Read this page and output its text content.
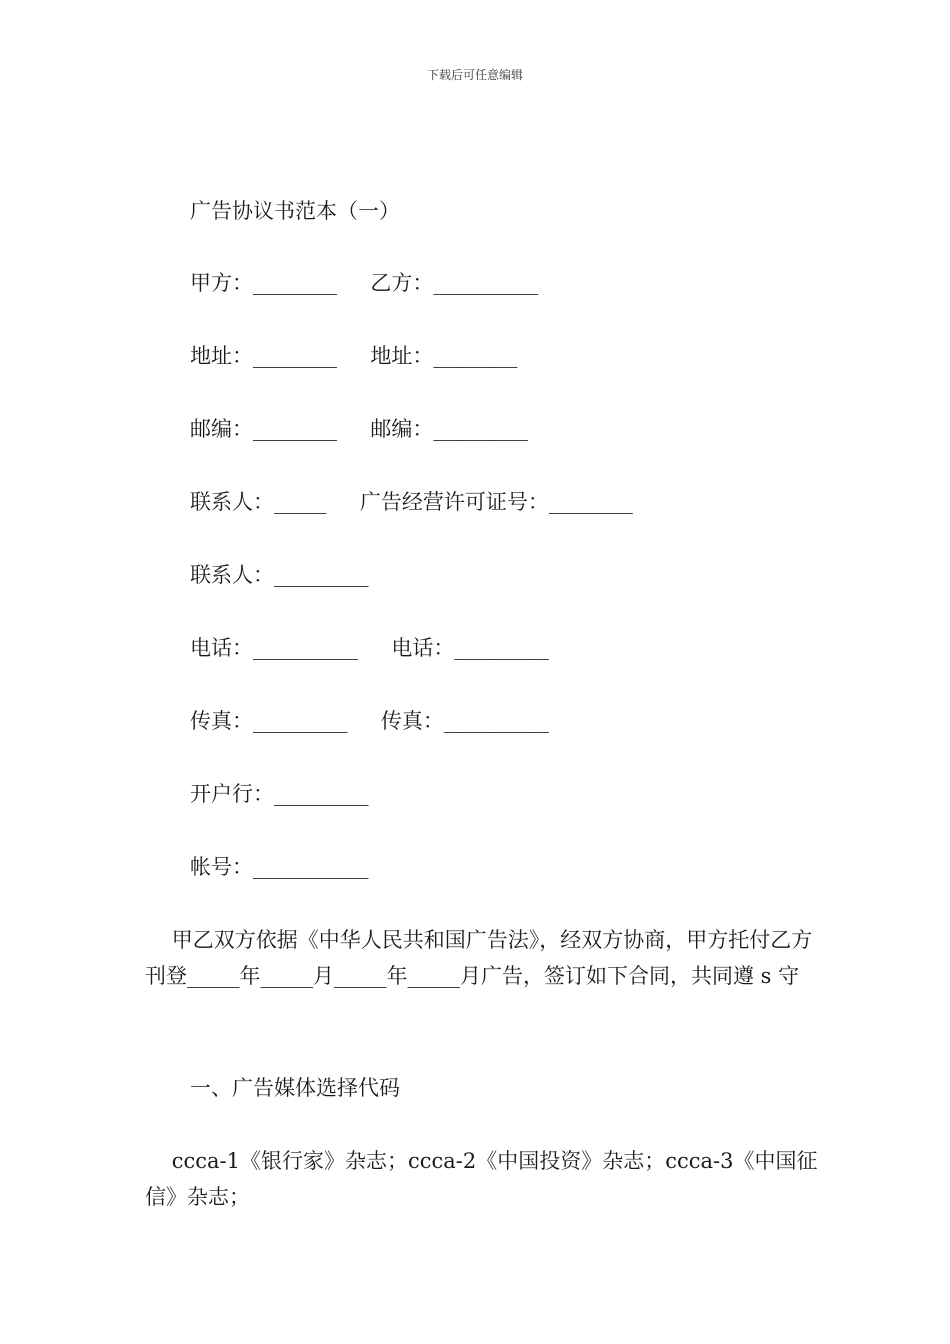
下载后可任意编辑
广告协议书范本（一）
甲方：________     乙方：__________
地址：________     地址：________
邮编：________     邮编：_________
联系人：_____     广告经营许可证号：________
联系人：_________
电话：__________     电话：_________
传真：_________     传真：__________
开户行：_________
帐号：___________
甲乙双方依据《中华人民共和国广告法》，经双方协商，甲方托付乙方刊登_____年_____月_____年_____月广告，签订如下合同，共同遵 s 守
一、广告媒体选择代码
ccca-1《银行家》杂志；ccca-2《中国投资》杂志；ccca-3《中国征信》杂志；
